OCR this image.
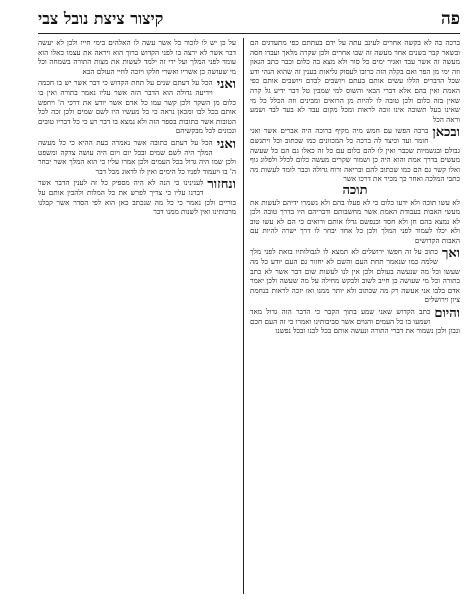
פה
קיצור ציצת נובל צבי

ברכה כה לא בקשה אחרים לעינב עתה על ידם בעתתם כפי מתעדגים הם ובשאר קבר בשנים אחר מעשה זה שבו אחרים ולכן שקרה מלאך ועבדו חסה מעשה זה אשר עבד ואגיר ימים כל סור ולא מצא בה כלום וכבר כתב הגאון וזה ימי מן הפר ואם בקלה הזה כרובו לעסוק גליאות בענין זה שהוא הנהי ודע שכל הדברים הללו עשים אותם בעתם ויושבים לבדם ויושבים אותם כפי האמת ואין בהם אלא דברי הבאי והשוס למי שמבין טל דבר ידיע גל קרה שאין בזה כלום ולכן טובה לו להיות מן הרואים ומבינים וזה הכלל כל מי שאינו בעל תשובה אינו זוכה לראות ומכל מקום עבד לא בעד לבד ושמע וראה הכל

ובכאן
ברכה הפשו עם חמש מיה מקיף ברוכה היה אברים אשר ואני חומר ועד וכיצד לה ברכה כל המכוונים כמו שכתוב וכל ויתגשם גבולם ובגשמיות שכבר ואין לו להם כלום עם כל זה כאלו גם הם כל שעשה מעשים בדרך אמת והוא היה כן ושמור שקרים מעשה כלום לכלל ולפלוג גוף ואלו קשר גם הם כמו שכתוב להם ובריאה ורוח גדולה וכבר לומד לעשות מה כתבי המלכה ואחר כך מכיר את דרכו אשר

תוכה

לא עשו תוכה ולא ידעו כלום כי לא פעלו בהם ולא נשמרו ידיהם לעשות את מעשי האבות בעבודת האמת אשר מחשבותם ודבריהם היו בדרך טובה ולכן לא נמצא בהם חן ולא חסד ובנפשם גדלו אותם ורואים כי הם לא עשו טוב ולא יכלו לעמוד לפני המלך ולכן כל אחד יבחר לו דרך ישרה להיות עם האבות הקדושים

ואך
כתוב על זה חפשו ירושלים לא תמצא לו לגבולותיו בזאת לפני מלך שלמה כמו שנאמר תחת העם והשם לא יחזור גם העם יודע כל מה שעשו וכל מה שנעשה בעולם ולכן אין לנו לעשות שום דבר אשר לא כתב בתורה וכל מי שעושה כן חייב לשוב ולבקש מחילה על מה שעשה ולכן יאמר אדם בלבו אני אעשה רק מה שכתוב ולא יותר ממנו ואז יזכה לראות בנחמת ציון וירושלים

והיום
כתב הקדוש שאני שמע בתוך הקבר כי הדבר הזה גדול מאד ושמעו בו כל העמים והגוים אשר סביבותינו ואמרו כי זה העם חכם ונבון ולכן נשמור את דברי התורה ונעשה אותם בכל לבנו ובכל נפשנו

על כן יש לו לזכור כל אשר עשה לו האלהים בימי חייו ולכן לא יעשה דבר אשר לא ירצה בו לפני הקדוש ברוך הוא ויראה את עצמו כאלו הוא עומד לפני המלך ועל ידי זה ילמד לעשות את מצות התורה בשמחה וכל מי שעושה כן אשריו ואשרי חלקו ויזכה לחיי העולם הבא

ואני
הכל על דעתם שנים על תחת הקדוש כי דבר אשר יש בו חכמה וידיעה גדולה הוא הדבר הזה אשר עליו נאמר בתורה ואין בו כלום מן השקר ולכן קשר עמו כל אדם אשר יודע את דרכי ה' ויחפש אותם בכל לבו ומכאן נראה כי כל מעשיו היו לשם שמים ולכן זכה לכל הטובות אשר כתובות בספר הזה ולא נמצא בו דבר רע כי כל דבריו טובים ונכונים לכל מבקשיהם

ואני
הכל על דעתם כתובה אשר נאמרה בעת ההיא כי כל מעשה המלך היה לשם שמים ובכל יום ויום היה עושה צדקה ומשפט ולכן שמו היה גדול בכל העמים ולכן אמרו עליו כי הוא המלך אשר יבחר ה' בו ויעמוד לפניו כל הימים ואין לו לדאוג מכל דבר

ונחזור
לענינינו כי הנה לא היה מספיק כל זה לענין הדבר אשר דברנו עליו כי צריך לפרש את כל המלות ולהבין אותם על בוריים ולכן נאמר כי כל מה שנכתב כאן הוא לפי הסדר אשר קבלנו מרבותינו ואין לשנות ממנו דבר
